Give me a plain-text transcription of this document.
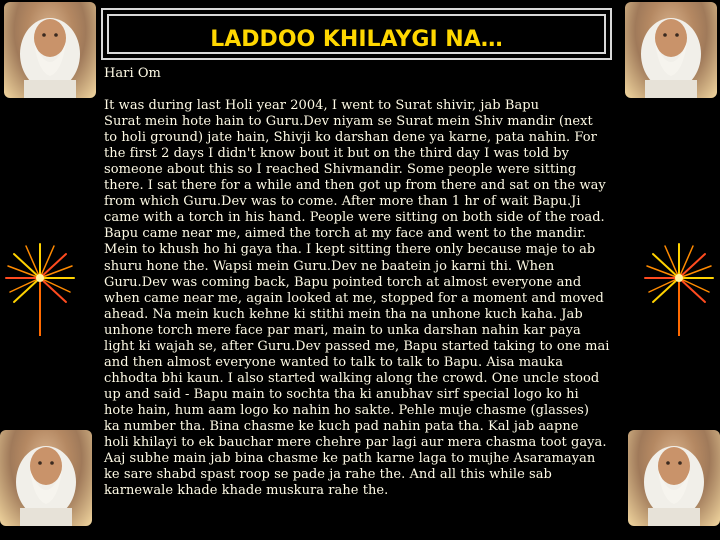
LADDOO KHILAYGI NA…

Hari Om

It was during last Holi year 2004, I went to Surat shivir, jab Bapu
Surat mein hote hain to Guru.Dev niyam se Surat mein Shiv mandir (next
to holi ground) jate hain, Shivji ko darshan dene ya karne, pata nahin. For
the first 2 days I didn't know bout it but on the third day I was told by
someone about this so I reached Shivmandir. Some people were sitting
there. I sat there for a while and then got up from there and sat on the way
from which Guru.Dev was to come. After more than 1 hr of wait Bapu.Ji
came with a torch in his hand. People were sitting on both side of the road.
Bapu came near me, aimed the torch at my face and went to the mandir.
Mein to khush ho hi gaya tha. I kept sitting there only because maje to ab
shuru hone the. Wapsi mein Guru.Dev ne baatein jo karni thi. When
Guru.Dev was coming back, Bapu pointed torch at almost everyone and
when came near me, again looked at me, stopped for a moment and moved
ahead. Na mein kuch kehne ki stithi mein tha na unhone kuch kaha. Jab
unhone torch mere face par mari, main to unka darshan nahin kar paya
light ki wajah se, after Guru.Dev passed me, Bapu started taking to one mai
and then almost everyone wanted to talk to talk to Bapu. Aisa mauka
chhodta bhi kaun. I also started walking along the crowd. One uncle stood
up and said - Bapu main to sochta tha ki anubhav sirf special logo ko hi
hote hain, hum aam logo ko nahin ho sakte. Pehle muje chasme (glasses)
ka number tha. Bina chasme ke kuch pad nahin pata tha. Kal jab aapne
holi khilayi to ek bauchar mere chehre par lagi aur mera chasma toot gaya.
Aaj subhe main jab bina chasme ke path karne laga to mujhe Asaramayan
ke sare shabd spast roop se pade ja rahe the. And all this while sab
karnewale khade khade muskura rahe the.
